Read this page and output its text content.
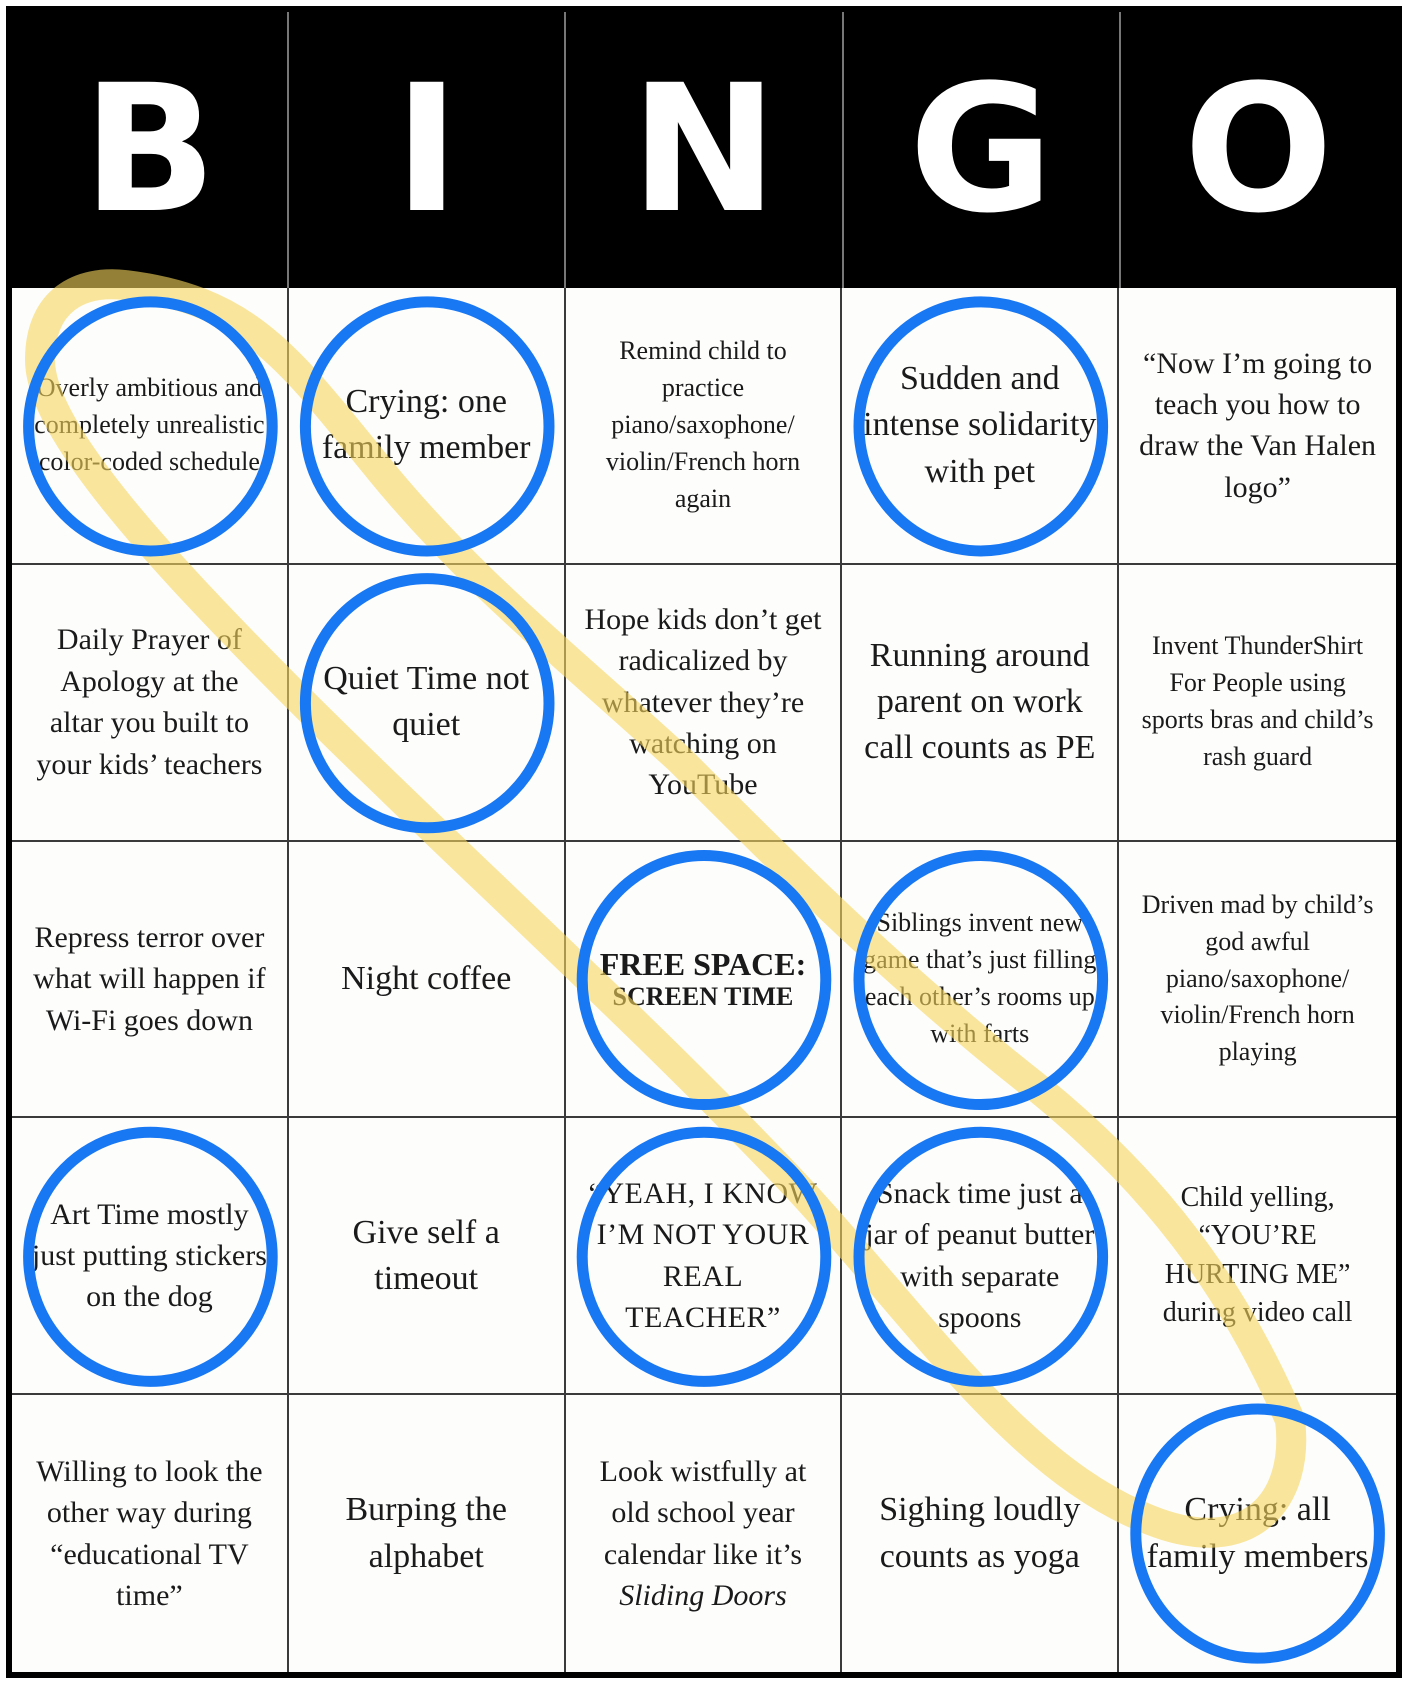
B	I N G O
Overly ambitious and completely unrealistic color-coded schedule
Crying: one family member
Remind child to practice piano/saxophone/ violin/French horn again
Sudden and intense solidarity with pet
“Now I’m going to teach you how to draw the Van Halen logo”
Daily Prayer of Apology at the altar you built to your kids’ teachers
Quiet Time not quiet
Hope kids don’t get radicalized by whatever they’re watching on YouTube
Running around parent on work call counts as PE
Invent ThunderShirt For People using sports bras and child’s rash guard
Repress terror over what will happen if Wi-Fi goes down
Night coffee	FREE SPACE:
SCREEN TIME
Siblings invent new game that’s just filling each other’s rooms up with farts
Driven mad by child’s god awful piano/saxophone/ violin/French horn playing
Art Time mostly just putting stickers on the dog
Give self a timeout
“YEAH, I KNOW I’M NOT YOUR REAL TEACHER”
Snack time just a jar of peanut butter with separate spoons
Child yelling, “YOU’RE HURTING ME” during video call
Willing to look the other way during “educational TV time”
Burping the alphabet
Look wistfully at old school year calendar like it’s Sliding Doors
Sighing loudly counts as yoga
Crying: all family members
